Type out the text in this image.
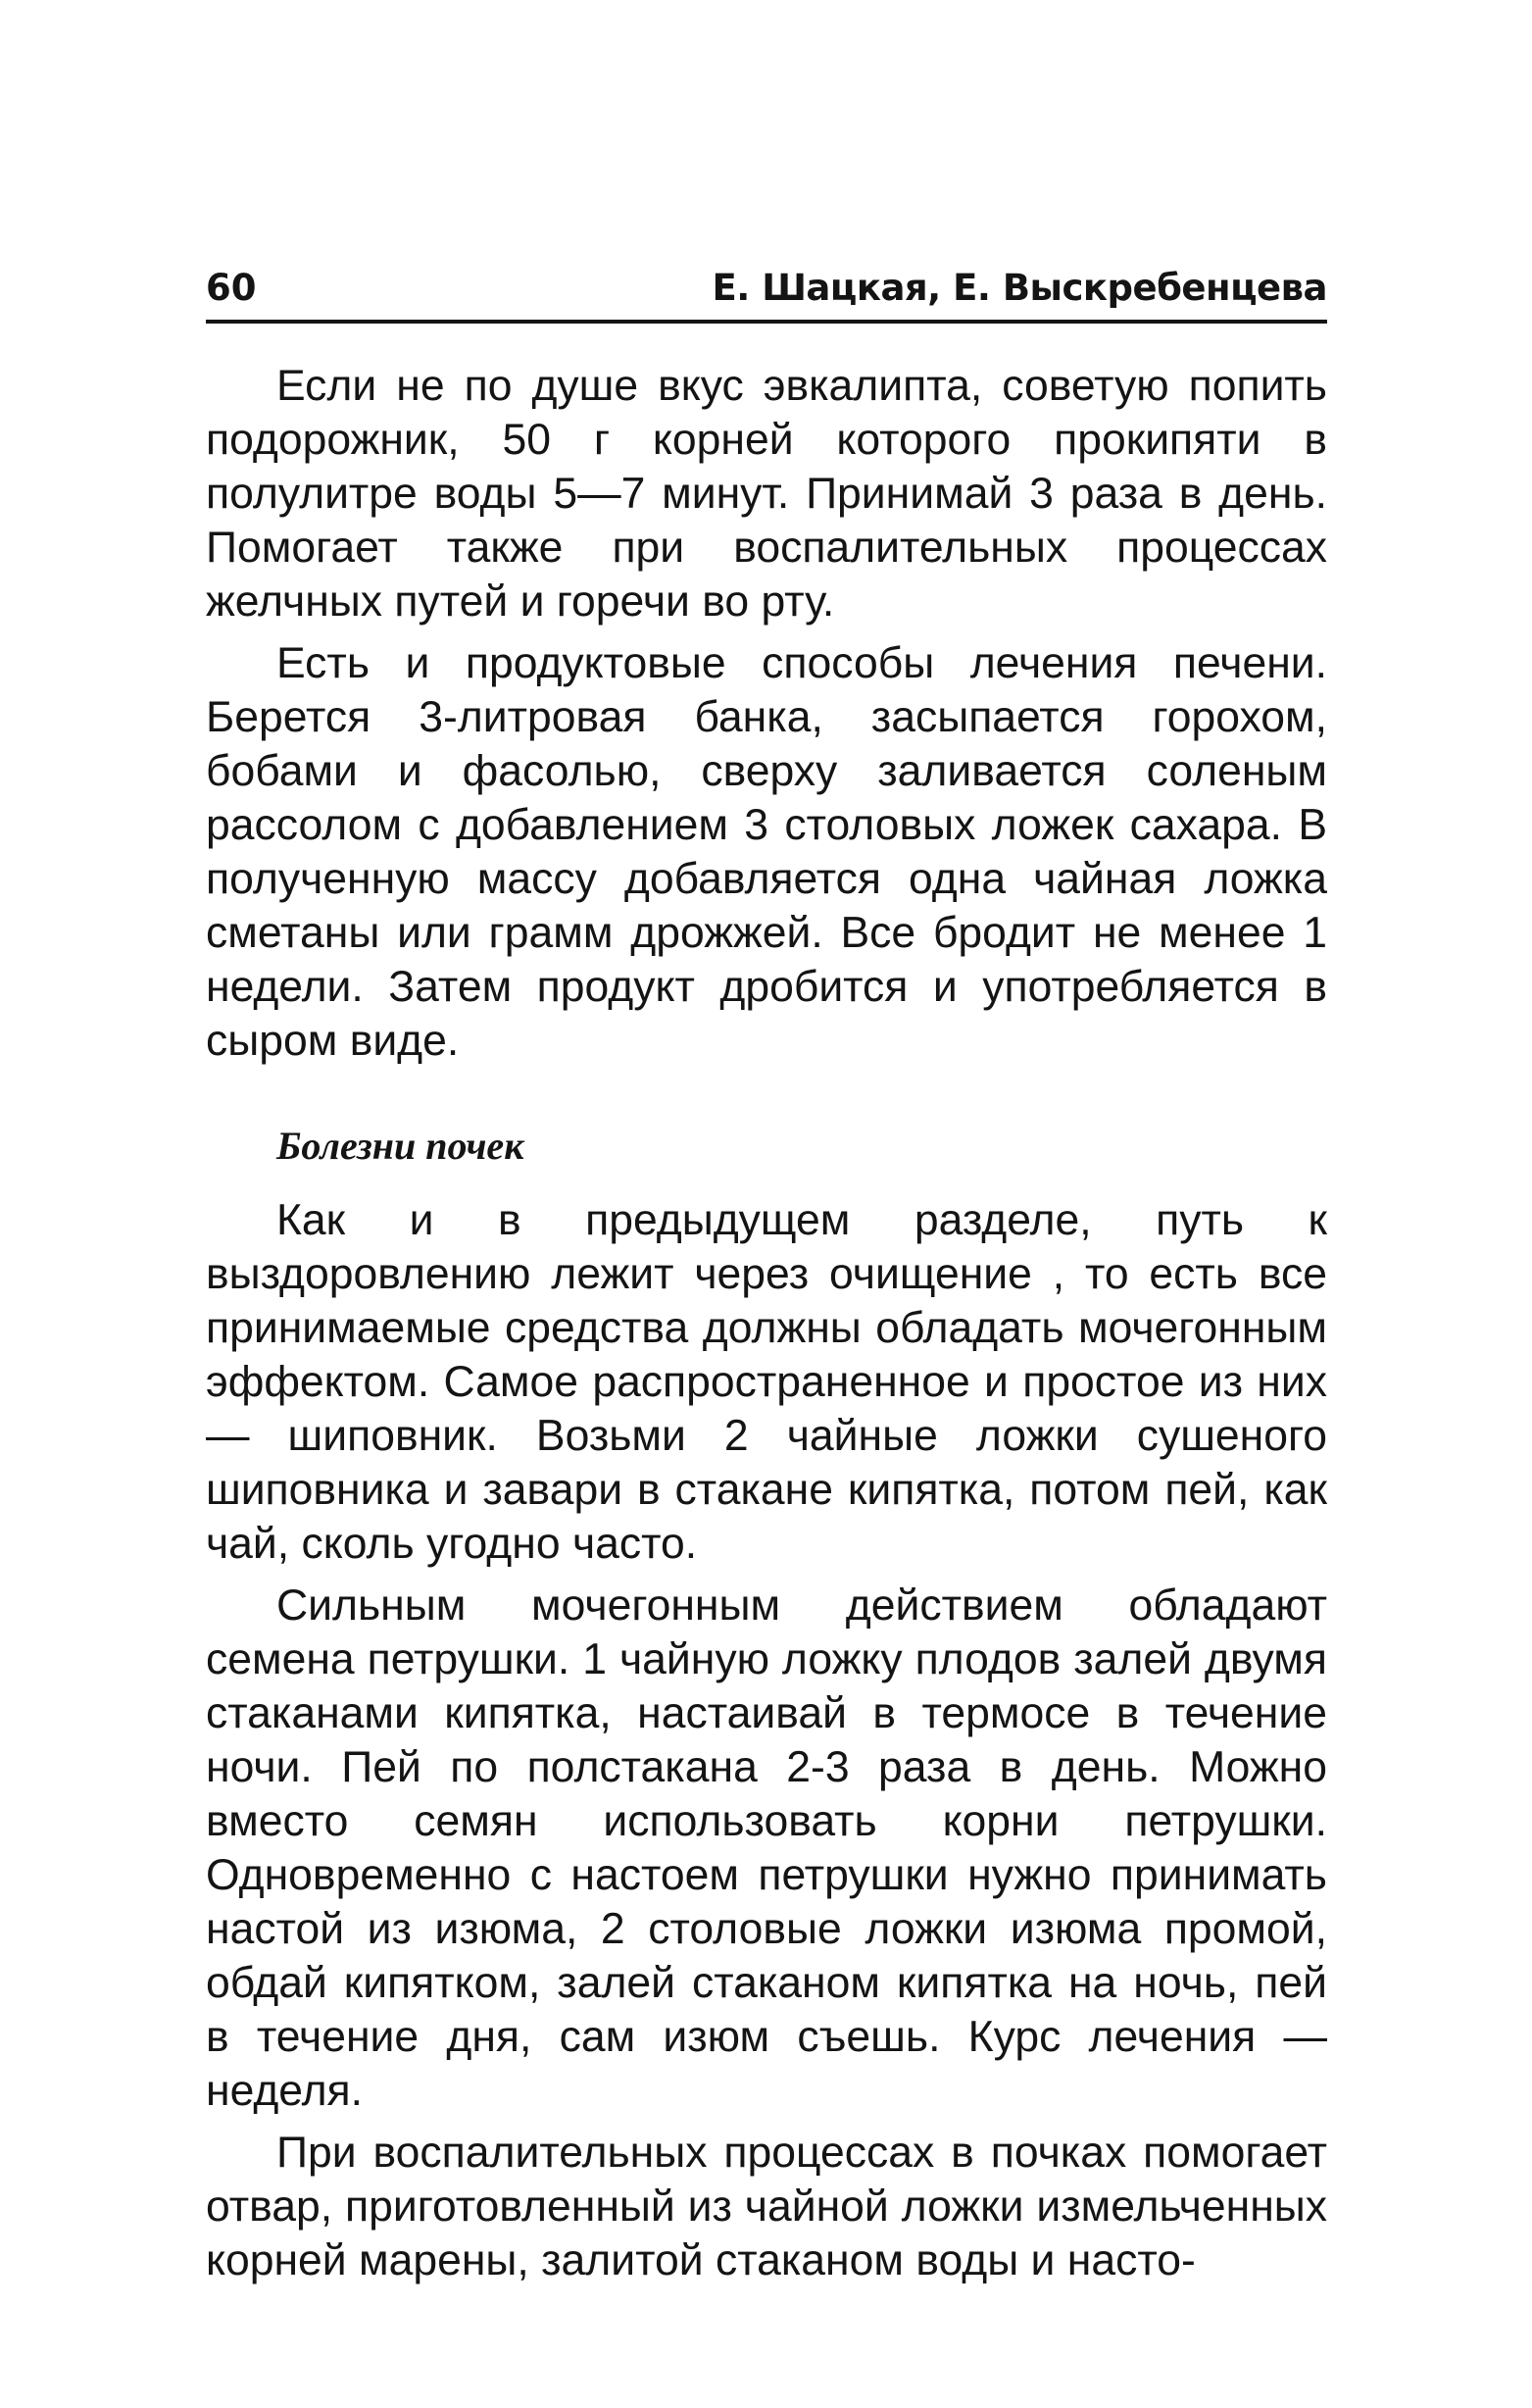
60	Е. Шацкая, Е. Выскребенцева

Если не по душе вкус эвкалипта, советую попить подорожник, 50 г корней которого прокипяти в полулитре воды 5—7 минут. Принимай 3 раза в день. Помогает также при воспалительных процессах желчных путей и горечи во рту.

Есть и продуктовые способы лечения печени. Берется 3-литровая банка, засыпается горохом, бобами и фасолью, сверху заливается соленым рассолом с добавлением 3 столовых ложек сахара. В полученную массу добавляется одна чайная ложка сметаны или грамм дрожжей. Все бродит не менее 1 недели. Затем продукт дробится и употребляется в сыром виде.

Болезни почек

Как и в предыдущем разделе, путь к выздоровлению лежит через очищение , то есть все принимаемые средства должны обладать мочегонным эффектом. Самое распространенное и простое из них — шиповник. Возьми 2 чайные ложки сушеного шиповника и завари в стакане кипятка, потом пей, как чай, сколь угодно часто.

Сильным мочегонным действием обладают семена петрушки. 1 чайную ложку плодов залей двумя стаканами кипятка, настаивай в термосе в течение ночи. Пей по полстакана 2-3 раза в день. Можно вместо семян использовать корни петрушки. Одновременно с настоем петрушки нужно принимать настой из изюма, 2 столовые ложки изюма промой, обдай кипятком, залей стаканом кипятка на ночь, пей в течение дня, сам изюм съешь. Курс лечения — неделя.

При воспалительных процессах в почках помогает отвар, приготовленный из чайной ложки измельченных корней марены, залитой стаканом воды и насто-
